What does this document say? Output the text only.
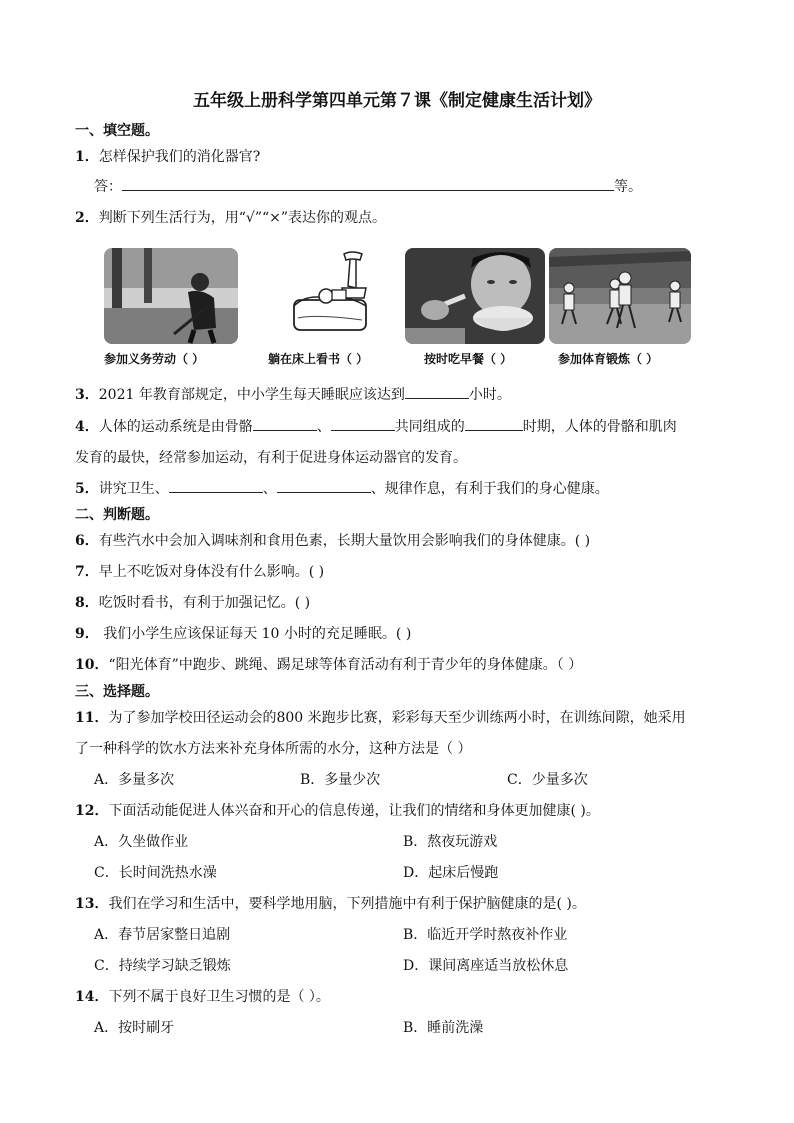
五年级上册科学第四单元第７课《制定健康生活计划》
一、填空题。
1．怎样保护我们的消化器官?
答：	等。
2．判断下列生活行为，用“√”“×”表达你的观点。
参加义务劳动（ ）	躺在床上看书（ ）	按时吃早餐（ ）	参加体育锻炼（ ）
3．2021 年教育部规定，中小学生每天睡眠应该达到	小时。
4．人体的运动系统是由骨骼	、	共同组成的	时期，人体的骨骼和肌肉
发育的最快，经常参加运动，有利于促进身体运动器官的发育。
5．讲究卫生、	、	、规律作息，有利于我们的身心健康。
二、判断题。
6．有些汽水中会加入调味剂和食用色素，长期大量饮用会影响我们的身体健康。( )
7．早上不吃饭对身体没有什么影响。( )
8．吃饭时看书，有利于加强记忆。( )
9． 我们小学生应该保证每天 10 小时的充足睡眠。( )
10．“阳光体育”中跑步、跳绳、踢足球等体育活动有利于青少年的身体健康。（ ）
三、选择题。
11．为了参加学校田径运动会的800 米跑步比赛，彩彩每天至少训练两小时，在训练间隙，她采用
了一种科学的饮水方法来补充身体所需的水分，这种方法是（ ）
A．多量多次	B．多量少次	C．少量多次
12．下面活动能促进人体兴奋和开心的信息传递，让我们的情绪和身体更加健康( )。
A．久坐做作业	B．熬夜玩游戏
C．长时间洗热水澡	D．起床后慢跑
13．我们在学习和生活中，要科学地用脑，下列措施中有利于保护脑健康的是( )。
A．春节居家整日追剧	B．临近开学时熬夜补作业
C．持续学习缺乏锻炼	D．课间离座适当放松休息
14．下列不属于良好卫生习惯的是（ ）。
A．按时刷牙	B．睡前洗澡
